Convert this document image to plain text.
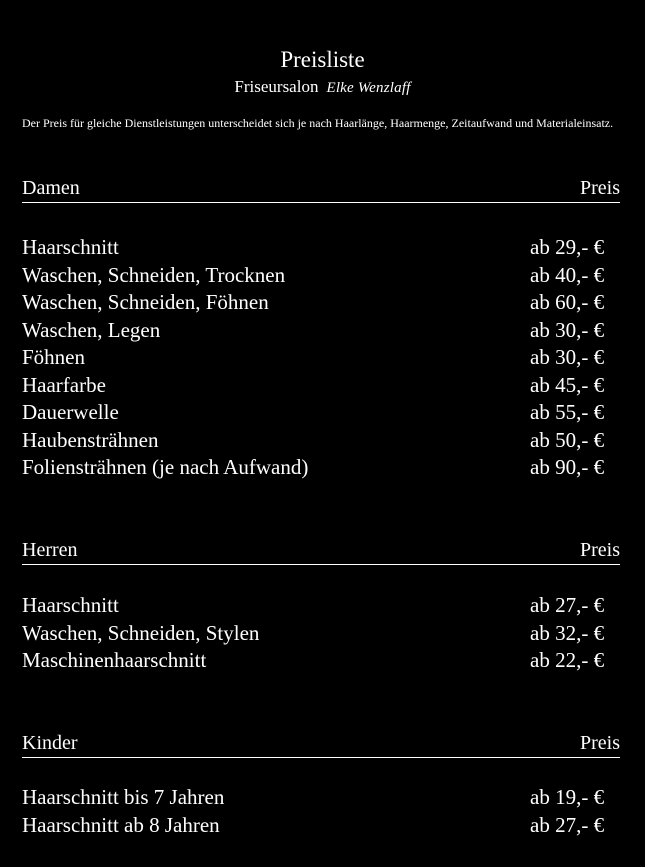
Preisliste
Friseursalon Elke Wenzlaff
Der Preis für gleiche Dienstleistungen unterscheidet sich je nach Haarlänge, Haarmenge, Zeitaufwand und Materialeinsatz.
Damen	Preis
Haarschnitt	ab 29,- €
Waschen, Schneiden, Trocknen	ab 40,- €
Waschen, Schneiden, Föhnen	ab 60,- €
Waschen, Legen	ab 30,- €
Föhnen	ab 30,- €
Haarfarbe	ab 45,- €
Dauerwelle	ab 55,- €
Haubensträhnen	ab 50,- €
Foliensträhnen (je nach Aufwand)	ab 90,- €
Herren	Preis
Haarschnitt	ab 27,- €
Waschen, Schneiden, Stylen	ab 32,- €
Maschinenhaarschnitt	ab 22,- €
Kinder	Preis
Haarschnitt bis 7 Jahren	ab 19,- €
Haarschnitt ab 8 Jahren	ab 27,- €
